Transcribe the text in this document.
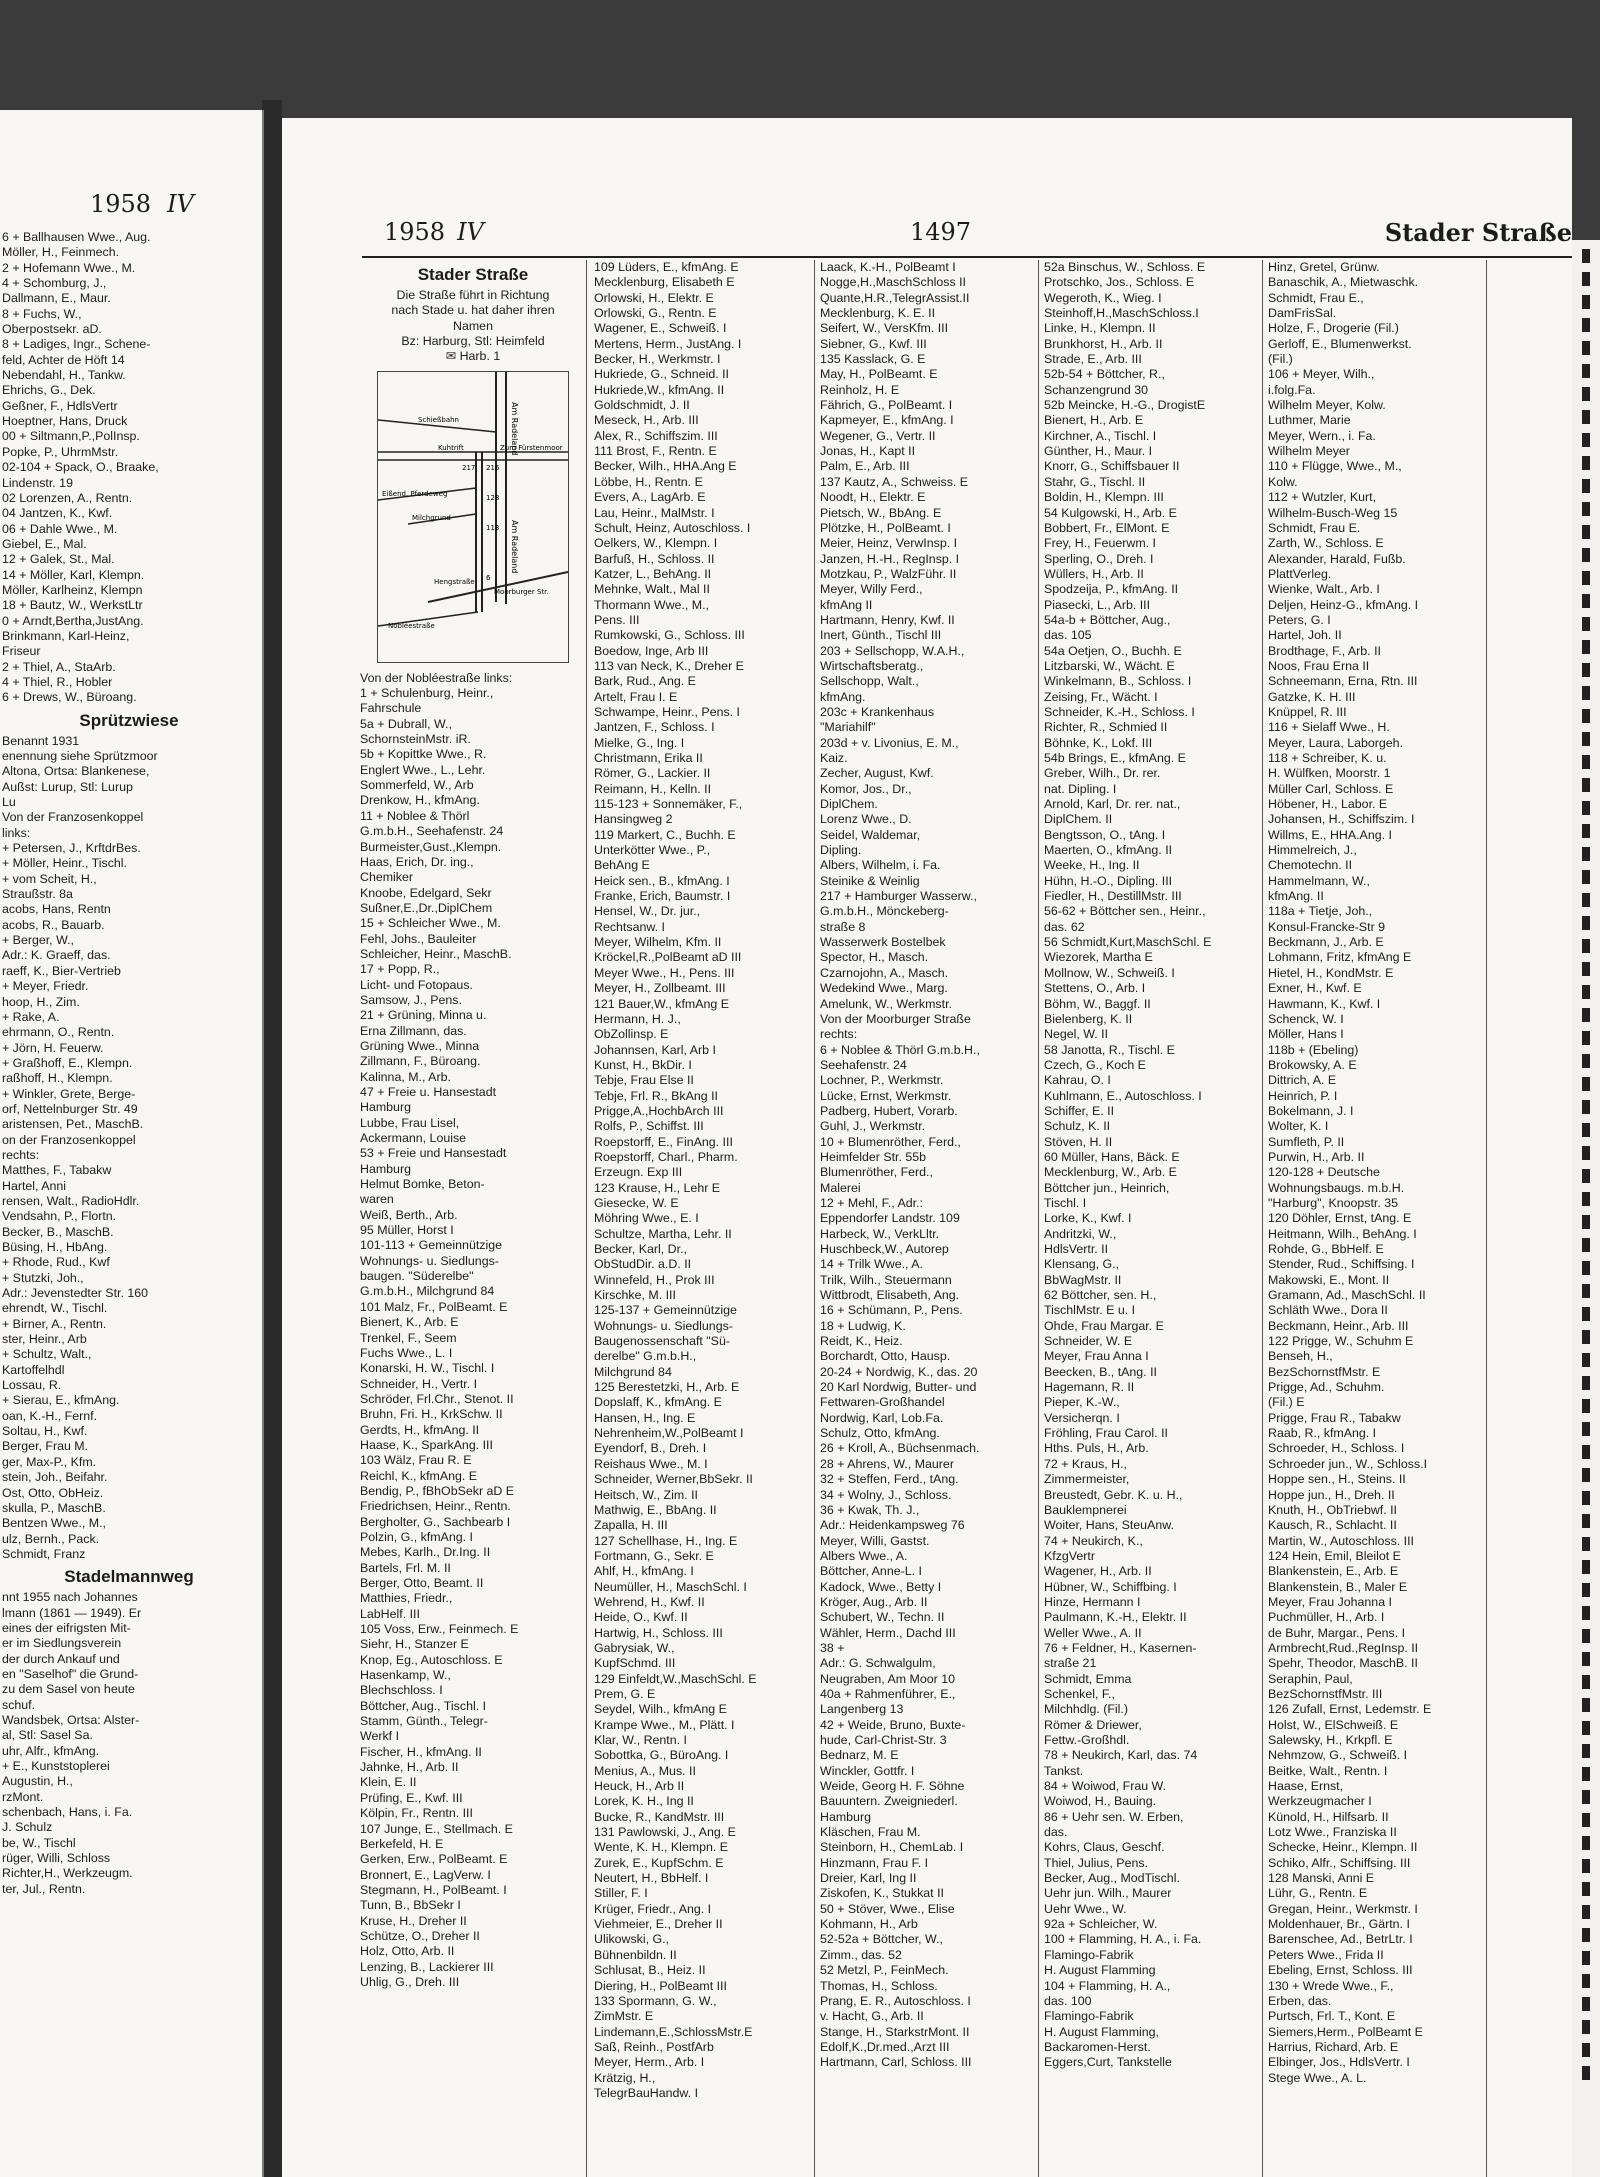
1958 IV
6 + Ballhausen Wwe., Aug.
Möller, H., Feinmech.
2 + Hofemann Wwe., M.
4 + Schomburg, J.,
Dallmann, E., Maur.
8 + Fuchs, W.,
Oberpostsekr. aD.
8 + Ladiges, Ingr., Schene-
feld, Achter de Höft 14
Nebendahl, H., Tankw.
Ehrichs, G., Dek.
Geßner, F., HdlsVertr
Hoeptner, Hans, Druck
00 + Siltmann,P.,PolInsp.
Popke, P., UhrmMstr.
02-104 + Spack, O., Braake,
Lindenstr. 19
02 Lorenzen, A., Rentn.
04 Jantzen, K., Kwf.
06 + Dahle Wwe., M.
Giebel, E., Mal.
12 + Galek, St., Mal.
14 + Möller, Karl, Klempn.
Möller, Karlheinz, Klempn
18 + Bautz, W., WerkstLtr
0 + Arndt,Bertha,JustAng.
Brinkmann, Karl-Heinz,
Friseur
2 + Thiel, A., StaArb.
4 + Thiel, R., Hobler
6 + Drews, W., Büroang.
Sprützwiese
Benannt 1931
enennung siehe Sprützmoor
Altona, Ortsa: Blankenese,
Außst: Lurup, Stl: Lurup
Lu
Von der Franzosenkoppel
links:
+ Petersen, J., KrftdrBes.
+ Möller, Heinr., Tischl.
+ vom Scheit, H.,
Straußstr. 8a
acobs, Hans, Rentn
acobs, R., Bauarb.
+ Berger, W.,
Adr.: K. Graeff, das.
raeff, K., Bier-Vertrieb
+ Meyer, Friedr.
hoop, H., Zim.
+ Rake, A.
ehrmann, O., Rentn.
+ Jörn, H. Feuerw.
+ Graßhoff, E., Klempn.
raßhoff, H., Klempn.
+ Winkler, Grete, Berge-
orf, Nettelnburger Str. 49
aristensen, Pet., MaschB.
on der Franzosenkoppel
rechts:
Matthes, F., Tabakw
Hartel, Anni
rensen, Walt., RadioHdlr.
Vendsahn, P., Flortn.
Becker, B., MaschB.
Büsing, H., HbAng.
+ Rhode, Rud., Kwf
+ Stutzki, Joh.,
Adr.: Jevenstedter Str. 160
ehrendt, W., Tischl.
+ Birner, A., Rentn.
ster, Heinr., Arb
+ Schultz, Walt.,
Kartoffelhdl
Lossau, R.
+ Sierau, E., kfmAng.
oan, K.-H., Fernf.
Soltau, H., Kwf.
Berger, Frau M.
ger, Max-P., Kfm.
stein, Joh., Beifahr.
Ost, Otto, ObHeiz.
skulla, P., MaschB.
Bentzen Wwe., M.,
ulz, Bernh., Pack.
Schmidt, Franz
Stadelmannweg
nnt 1955 nach Johannes
lmann (1861 — 1949). Er
eines der eifrigsten Mit-
er im Siedlungsverein
der durch Ankauf und
en "Saselhof" die Grund-
zu dem Sasel von heute
schuf.
Wandsbek, Ortsa: Alster-
al, Stl: Sasel Sa.
uhr, Alfr., kfmAng.
+ E., Kunststoplerei
Augustin, H.,
rzMont.
schenbach, Hans, i. Fa.
J. Schulz
be, W., Tischl
rüger, Willi, Schloss
Richter,H., Werkzeugm.
ter, Jul., Rentn.
1958 IV	1497	Stader Straße
Stader Straße
Die Straße führt in Richtung
nach Stade u. hat daher ihren
Namen
Bz: Harburg, Stl: Heimfeld
✉ Harb. 1
Am Radeland
Am Radeland
Schießbahn
Kuhtrift	Zum Fürstenmoor
217 216
Eißend. Pferdeweg	128
Milchgrund
113
Hengstraße 6
Moorburger Str.
Nobléestraße
Von der Nobléestraße links:
1 + Schulenburg, Heinr.,
Fahrschule
5a + Dubrall, W.,
SchornsteinMstr. iR.
5b + Kopittke Wwe., R.
Englert Wwe., L., Lehr.
Sommerfeld, W., Arb
Drenkow, H., kfmAng.
11 + Noblee & Thörl
G.m.b.H., Seehafenstr. 24
Burmeister,Gust.,Klempn.
Haas, Erich, Dr. ing.,
Chemiker
Knoobe, Edelgard, Sekr
Sußner,E.,Dr.,DiplChem
15 + Schleicher Wwe., M.
Fehl, Johs., Bauleiter
Schleicher, Heinr., MaschB.
17 + Popp, R.,
Licht- und Fotopaus.
Samsow, J., Pens.
21 + Grüning, Minna u.
Erna Zillmann, das.
Grüning Wwe., Minna
Zillmann, F., Büroang.
Kalinna, M., Arb.
47 + Freie u. Hansestadt
Hamburg
Lubbe, Frau Lisel,
Ackermann, Louise
53 + Freie und Hansestadt
Hamburg
Helmut Bomke, Beton-
waren
Weiß, Berth., Arb.
95 Müller, Horst I
101-113 + Gemeinnützige
Wohnungs- u. Siedlungs-
baugen. "Süderelbe"
G.m.b.H., Milchgrund 84
101 Malz, Fr., PolBeamt. E
Bienert, K., Arb. E
Trenkel, F., Seem
Fuchs Wwe., L. I
Konarski, H. W., Tischl. I
Schneider, H., Vertr. I
Schröder, Frl.Chr., Stenot. II
Bruhn, Fri. H., KrkSchw. II
Gerdts, H., kfmAng. II
Haase, K., SparkAng. III
103 Wälz, Frau R. E
Reichl, K., kfmAng. E
Bendig, P., fBhObSekr aD E
Friedrichsen, Heinr., Rentn.
Bergholter, G., Sachbearb I
Polzin, G., kfmAng. I
Mebes, Karlh., Dr.Ing. II
Bartels, Frl. M. II
Berger, Otto, Beamt. II
Matthies, Friedr.,
LabHelf. III
105 Voss, Erw., Feinmech. E
Siehr, H., Stanzer E
Knop, Eg., Autoschloss. E
Hasenkamp, W.,
Blechschloss. I
Böttcher, Aug., Tischl. I
Stamm, Günth., Telegr-
Werkf I
Fischer, H., kfmAng. II
Jahnke, H., Arb. II
Klein, E. II
Prüfing, E., Kwf. III
Kölpin, Fr., Rentn. III
107 Junge, E., Stellmach. E
Berkefeld, H. E
Gerken, Erw., PolBeamt. E
Bronnert, E., LagVerw. I
Stegmann, H., PolBeamt. I
Tunn, B., BbSekr I
Kruse, H., Dreher II
Schütze, O., Dreher II
Holz, Otto, Arb. II
Lenzing, B., Lackierer III
Uhlig, G., Dreh. III
109 Lüders, E., kfmAng. E
Mecklenburg, Elisabeth E
Orlowski, H., Elektr. E
Orlowski, G., Rentn. E
Wagener, E., Schweiß. I
Mertens, Herm., JustAng. I
Becker, H., Werkmstr. I
Hukriede, G., Schneid. II
Hukriede,W., kfmAng. II
Goldschmidt, J. II
Meseck, H., Arb. III
Alex, R., Schiffszim. III
111 Brost, F., Rentn. E
Becker, Wilh., HHA.Ang E
Löbbe, H., Rentn. E
Evers, A., LagArb. E
Lau, Heinr., MalMstr. I
Schult, Heinz, Autoschloss. I
Oelkers, W., Klempn. I
Barfuß, H., Schloss. II
Katzer, L., BehAng. II
Mehnke, Walt., Mal II
Thormann Wwe., M.,
Pens. III
Rumkowski, G., Schloss. III
Boedow, Inge, Arb III
113 van Neck, K., Dreher E
Bark, Rud., Ang. E
Artelt, Frau I. E
Schwampe, Heinr., Pens. I
Jantzen, F., Schloss. I
Mielke, G., Ing. I
Christmann, Erika II
Römer, G., Lackier. II
Reimann, H., Kelln. II
115-123 + Sonnemäker, F.,
Hansingweg 2
119 Markert, C., Buchh. E
Unterkötter Wwe., P.,
BehAng E
Heick sen., B., kfmAng. I
Franke, Erich, Baumstr. I
Hensel, W., Dr. jur.,
Rechtsanw. I
Meyer, Wilhelm, Kfm. II
Kröckel,R.,PolBeamt aD III
Meyer Wwe., H., Pens. III
Meyer, H., Zollbeamt. III
121 Bauer,W., kfmAng E
Hermann, H. J.,
ObZollinsp. E
Johannsen, Karl, Arb I
Kunst, H., BkDir. I
Tebje, Frau Else II
Tebje, Frl. R., BkAng II
Prigge,A.,HochbArch III
Rolfs, P., Schiffst. III
Roepstorff, E., FinAng. III
Roepstorff, Charl., Pharm.
Erzeugn. Exp III
123 Krause, H., Lehr E
Giesecke, W. E
Möhring Wwe., E. I
Schultze, Martha, Lehr. II
Becker, Karl, Dr.,
ObStudDir. a.D. II
Winnefeld, H., Prok III
Kirschke, M. III
125-137 + Gemeinnützige
Wohnungs- u. Siedlungs-
Baugenossenschaft "Sü-
derelbe" G.m.b.H.,
Milchgrund 84
125 Berestetzki, H., Arb. E
Dopslaff, K., kfmAng. E
Hansen, H., Ing. E
Nehrenheim,W.,PolBeamt I
Eyendorf, B., Dreh. I
Reishaus Wwe., M. I
Schneider, Werner,BbSekr. II
Heitsch, W., Zim. II
Mathwig, E., BbAng. II
Zapalla, H. III
127 Schellhase, H., Ing. E
Fortmann, G., Sekr. E
Ahlf, H., kfmAng. I
Neumüller, H., MaschSchl. I
Wehrend, H., Kwf. II
Heide, O., Kwf. II
Hartwig, H., Schloss. III
Gabrysiak, W.,
KupfSchmd. III
129 Einfeldt,W.,MaschSchl. E
Prem, G. E
Seydel, Wilh., kfmAng E
Krampe Wwe., M., Plätt. I
Klar, W., Rentn. I
Sobottka, G., BüroAng. I
Menius, A., Mus. II
Heuck, H., Arb II
Lorek, K. H., Ing II
Bucke, R., KandMstr. III
131 Pawlowski, J., Ang. E
Wente, K. H., Klempn. E
Zurek, E., KupfSchm. E
Neutert, H., BbHelf. I
Stiller, F. I
Krüger, Friedr., Ang. I
Viehmeier, E., Dreher II
Ulikowski, G.,
Bühnenbildn. II
Schlusat, B., Heiz. II
Diering, H., PolBeamt III
133 Spormann, G. W.,
ZimMstr. E
Lindemann,E.,SchlossMstr.E
Saß, Reinh., PostfArb
Meyer, Herm., Arb. I
Krätzig, H.,
TelegrBauHandw. I
Laack, K.-H., PolBeamt I
Nogge,H.,MaschSchloss II
Quante,H.R.,TelegrAssist.II
Mecklenburg, K. E. II
Seifert, W., VersKfm. III
Siebner, G., Kwf. III
135 Kasslack, G. E
May, H., PolBeamt. E
Reinholz, H. E
Fährich, G., PolBeamt. I
Kapmeyer, E., kfmAng. I
Wegener, G., Vertr. II
Jonas, H., Kapt II
Palm, E., Arb. III
137 Kautz, A., Schweiss. E
Noodt, H., Elektr. E
Pietsch, W., BbAng. E
Plötzke, H., PolBeamt. I
Meier, Heinz, VerwInsp. I
Janzen, H.-H., RegInsp. I
Motzkau, P., WalzFühr. II
Meyer, Willy Ferd.,
kfmAng II
Hartmann, Henry, Kwf. II
Inert, Günth., Tischl III
203 + Sellschopp, W.A.H.,
Wirtschaftsberatg.,
Sellschopp, Walt.,
kfmAng.
203c + Krankenhaus
"Mariahilf"
203d + v. Livonius, E. M.,
Kaiz.
Zecher, August, Kwf.
Komor, Jos., Dr.,
DiplChem.
Lorenz Wwe., D.
Seidel, Waldemar,
Dipling.
Albers, Wilhelm, i. Fa.
Steinike & Weinlig
217 + Hamburger Wasserw.,
G.m.b.H., Mönckeberg-
straße 8
Wasserwerk Bostelbek
Spector, H., Masch.
Czarnojohn, A., Masch.
Wedekind Wwe., Marg.
Amelunk, W., Werkmstr.
Von der Moorburger Straße
rechts:
6 + Noblee & Thörl G.m.b.H.,
Seehafenstr. 24
Lochner, P., Werkmstr.
Lücke, Ernst, Werkmstr.
Padberg, Hubert, Vorarb.
Guhl, J., Werkmstr.
10 + Blumenröther, Ferd.,
Heimfelder Str. 55b
Blumenröther, Ferd.,
Malerei
12 + Mehl, F., Adr.:
Eppendorfer Landstr. 109
Harbeck, W., VerkLltr.
Huschbeck,W., Autorep
14 + Trilk Wwe., A.
Trilk, Wilh., Steuermann
Wittbrodt, Elisabeth, Ang.
16 + Schümann, P., Pens.
18 + Ludwig, K.
Reidt, K., Heiz.
Borchardt, Otto, Hausp.
20-24 + Nordwig, K., das. 20
20 Karl Nordwig, Butter- und
Fettwaren-Großhandel
Nordwig, Karl, Lob.Fa.
Schulz, Otto, kfmAng.
26 + Kroll, A., Büchsenmach.
28 + Ahrens, W., Maurer
32 + Steffen, Ferd., tAng.
34 + Wolny, J., Schloss.
36 + Kwak, Th. J.,
Adr.: Heidenkampsweg 76
Meyer, Willi, Gastst.
Albers Wwe., A.
Böttcher, Anne-L. I
Kadock, Wwe., Betty I
Kröger, Aug., Arb. II
Schubert, W., Techn. II
Wähler, Herm., Dachd III
38 +
Adr.: G. Schwalgulm,
Neugraben, Am Moor 10
40a + Rahmenführer, E.,
Langenberg 13
42 + Weide, Bruno, Buxte-
hude, Carl-Christ-Str. 3
Bednarz, M. E
Winckler, Gottfr. I
Weide, Georg H. F. Söhne
Bauuntern. Zweigniederl.
Hamburg
Kläschen, Frau M.
Steinborn, H., ChemLab. I
Hinzmann, Frau F. I
Dreier, Karl, Ing II
Ziskofen, K., Stukkat II
50 + Stöver, Wwe., Elise
Kohmann, H., Arb
52-52a + Böttcher, W.,
Zimm., das. 52
52 Metzl, P., FeinMech.
Thomas, H., Schloss.
Prang, E. R., Autoschloss. I
v. Hacht, G., Arb. II
Stange, H., StarkstrMont. II
Edolf,K.,Dr.med.,Arzt III
Hartmann, Carl, Schloss. III
52a Binschus, W., Schloss. E
Protschko, Jos., Schloss. E
Wegeroth, K., Wieg. I
Steinhoff,H.,MaschSchloss.I
Linke, H., Klempn. II
Brunkhorst, H., Arb. II
Strade, E., Arb. III
52b-54 + Böttcher, R.,
Schanzengrund 30
52b Meincke, H.-G., DrogistE
Bienert, H., Arb. E
Kirchner, A., Tischl. I
Günther, H., Maur. I
Knorr, G., Schiffsbauer II
Stahr, G., Tischl. II
Boldin, H., Klempn. III
54 Kulgowski, H., Arb. E
Bobbert, Fr., ElMont. E
Frey, H., Feuerwm. I
Sperling, O., Dreh. I
Wüllers, H., Arb. II
Spodzeija, P., kfmAng. II
Piasecki, L., Arb. III
54a-b + Böttcher, Aug.,
das. 105
54a Oetjen, O., Buchh. E
Litzbarski, W., Wächt. E
Winkelmann, B., Schloss. I
Zeising, Fr., Wächt. I
Schneider, K.-H., Schloss. I
Richter, R., Schmied II
Böhnke, K., Lokf. III
54b Brings, E., kfmAng. E
Greber, Wilh., Dr. rer.
nat. Dipling. I
Arnold, Karl, Dr. rer. nat.,
DiplChem. II
Bengtsson, O., tAng. I
Maerten, O., kfmAng. II
Weeke, H., Ing. II
Hühn, H.-O., Dipling. III
Fiedler, H., DestillMstr. III
56-62 + Böttcher sen., Heinr.,
das. 62
56 Schmidt,Kurt,MaschSchl. E
Wiezorek, Martha E
Mollnow, W., Schweiß. I
Stettens, O., Arb. I
Böhm, W., Baggf. II
Bielenberg, K. II
Negel, W. II
58 Janotta, R., Tischl. E
Czech, G., Koch E
Kahrau, O. I
Kuhlmann, E., Autoschloss. I
Schiffer, E. II
Schulz, K. II
Stöven, H. II
60 Müller, Hans, Bäck. E
Mecklenburg, W., Arb. E
Böttcher jun., Heinrich,
Tischl. I
Lorke, K., Kwf. I
Andritzki, W.,
HdlsVertr. II
Klensang, G.,
BbWagMstr. II
62 Böttcher, sen. H.,
TischlMstr. E u. I
Ohde, Frau Margar. E
Schneider, W. E
Meyer, Frau Anna I
Beecken, B., tAng. II
Hagemann, R. II
Pieper, K.-W.,
Versicherqn. I
Fröhling, Frau Carol. II
Hths. Puls, H., Arb.
72 + Kraus, H.,
Zimmermeister,
Breustedt, Gebr. K. u. H.,
Bauklempnerei
Woiter, Hans, SteuAnw.
74 + Neukirch, K.,
KfzgVertr
Wagener, H., Arb. II
Hübner, W., Schiffbing. I
Hinze, Hermann I
Paulmann, K.-H., Elektr. II
Weller Wwe., A. II
76 + Feldner, H., Kasernen-
straße 21
Schmidt, Emma
Schenkel, F.,
Milchhdlg. (Fil.)
Römer & Driewer,
Fettw.-Großhdl.
78 + Neukirch, Karl, das. 74
Tankst.
84 + Woiwod, Frau W.
Woiwod, H., Bauing.
86 + Uehr sen. W. Erben,
das.
Kohrs, Claus, Geschf.
Thiel, Julius, Pens.
Becker, Aug., ModTischl.
Uehr jun. Wilh., Maurer
Uehr Wwe., W.
92a + Schleicher, W.
100 + Flamming, H. A., i. Fa.
Flamingo-Fabrik
H. August Flamming
104 + Flamming, H. A.,
das. 100
Flamingo-Fabrik
H. August Flamming,
Backaromen-Herst.
Eggers,Curt, Tankstelle
Hinz, Gretel, Grünw.
Banaschik, A., Mietwaschk.
Schmidt, Frau E.,
DamFrisSal.
Holze, F., Drogerie (Fil.)
Gerloff, E., Blumenwerkst.
(Fil.)
106 + Meyer, Wilh.,
i.folg.Fa.
Wilhelm Meyer, Kolw.
Luthmer, Marie
Meyer, Wern., i. Fa.
Wilhelm Meyer
110 + Flügge, Wwe., M.,
Kolw.
112 + Wutzler, Kurt,
Wilhelm-Busch-Weg 15
Schmidt, Frau E.
Zarth, W., Schloss. E
Alexander, Harald, Fußb.
PlattVerleg.
Wienke, Walt., Arb. I
Deljen, Heinz-G., kfmAng. I
Peters, G. I
Hartel, Joh. II
Brodthage, F., Arb. II
Noos, Frau Erna II
Schneemann, Erna, Rtn. III
Gatzke, K. H. III
Knüppel, R. III
116 + Sielaff Wwe., H.
Meyer, Laura, Laborgeh.
118 + Schreiber, K. u.
H. Wülfken, Moorstr. 1
Müller Carl, Schloss. E
Höbener, H., Labor. E
Johansen, H., Schiffszim. I
Willms, E., HHA.Ang. I
Himmelreich, J.,
Chemotechn. II
Hammelmann, W.,
kfmAng. II
118a + Tietje, Joh.,
Konsul-Francke-Str 9
Beckmann, J., Arb. E
Lohmann, Fritz, kfmAng E
Hietel, H., KondMstr. E
Exner, H., Kwf. E
Hawmann, K., Kwf. I
Schenck, W. I
Möller, Hans I
118b + (Ebeling)
Brokowsky, A. E
Dittrich, A. E
Heinrich, P. I
Bokelmann, J. I
Wolter, K. I
Sumfleth, P. II
Purwin, H., Arb. II
120-128 + Deutsche
Wohnungsbaugs. m.b.H.
"Harburg", Knoopstr. 35
120 Döhler, Ernst, tAng. E
Heitmann, Wilh., BehAng. I
Rohde, G., BbHelf. E
Stender, Rud., Schiffsing. I
Makowski, E., Mont. II
Gramann, Ad., MaschSchl. II
Schläth Wwe., Dora II
Beckmann, Heinr., Arb. III
122 Prigge, W., Schuhm E
Benseh, H.,
BezSchornstfMstr. E
Prigge, Ad., Schuhm.
(Fil.) E
Prigge, Frau R., Tabakw
Raab, R., kfmAng. I
Schroeder, H., Schloss. I
Schroeder jun., W., Schloss.I
Hoppe sen., H., Steins. II
Hoppe jun., H., Dreh. II
Knuth, H., ObTriebwf. II
Kausch, R., Schlacht. II
Martin, W., Autoschloss. III
124 Hein, Emil, Bleilot E
Blankenstein, E., Arb. E
Blankenstein, B., Maler E
Meyer, Frau Johanna I
Puchmüller, H., Arb. I
de Buhr, Margar., Pens. I
Armbrecht,Rud.,RegInsp. II
Spehr, Theodor, MaschB. II
Seraphin, Paul,
BezSchornstfMstr. III
126 Zufall, Ernst, Ledemstr. E
Holst, W., ElSchweiß. E
Salewsky, H., Krkpfl. E
Nehmzow, G., Schweiß. I
Beitke, Walt., Rentn. I
Haase, Ernst,
Werkzeugmacher I
Künold, H., Hilfsarb. II
Lotz Wwe., Franziska II
Schecke, Heinr., Klempn. II
Schiko, Alfr., Schiffsing. III
128 Manski, Anni E
Lühr, G., Rentn. E
Gregan, Heinr., Werkmstr. I
Moldenhauer, Br., Gärtn. I
Barenschee, Ad., BetrLtr. I
Peters Wwe., Frida II
Ebeling, Ernst, Schloss. III
130 + Wrede Wwe., F.,
Erben, das.
Purtsch, Frl. T., Kont. E
Siemers,Herm., PolBeamt E
Harrius, Richard, Arb. E
Elbinger, Jos., HdlsVertr. I
Stege Wwe., A. L.
